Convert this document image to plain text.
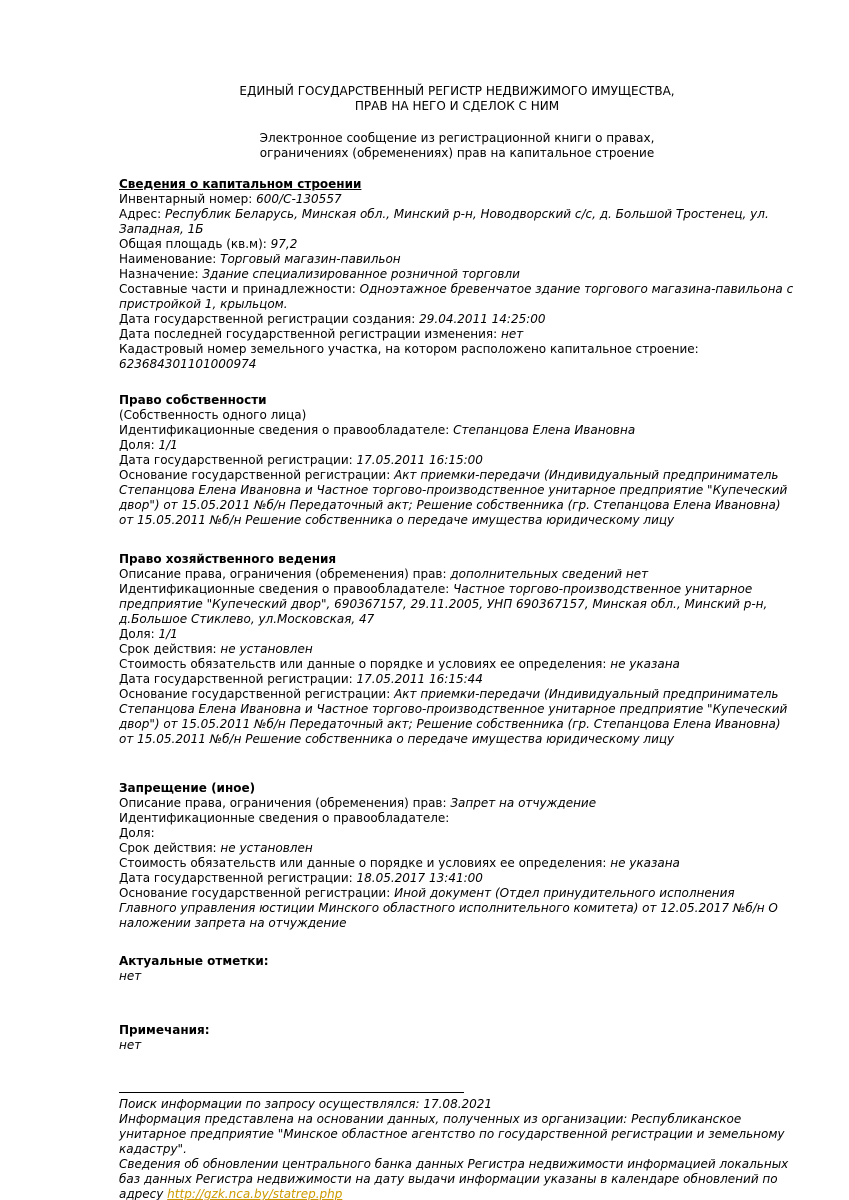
ЕДИНЫЙ ГОСУДАРСТВЕННЫЙ РЕГИСТР НЕДВИЖИМОГО ИМУЩЕСТВА,
ПРАВ НА НЕГО И СДЕЛОК С НИМ
Электронное сообщение из регистрационной книги о правах,
ограничениях (обременениях) прав на капитальное строение
Сведения о капитальном строении
Инвентарный номер: 600/С-130557
Адрес: Республик Беларусь, Минская обл., Минский р-н, Новодворский с/с, д. Большой Тростенец, ул. Западная, 1Б
Общая площадь (кв.м): 97,2
Наименование: Торговый магазин-павильон
Назначение: Здание специализированное розничной торговли
Составные части и принадлежности: Одноэтажное бревенчатое здание торгового магазина-павильона с пристройкой 1, крыльцом.
Дата государственной регистрации создания: 29.04.2011 14:25:00
Дата последней государственной регистрации изменения: нет
Кадастровый номер земельного участка, на котором расположено капитальное строение: 623684301101000974
Право собственности
(Собственность одного лица)
Идентификационные сведения о правообладателе: Степанцова Елена Ивановна
Доля: 1/1
Дата государственной регистрации: 17.05.2011 16:15:00
Основание государственной регистрации: Акт приемки-передачи (Индивидуальный предприниматель Степанцова Елена Ивановна и Частное торгово-производственное унитарное предприятие "Купеческий двор") от 15.05.2011 №б/н Передаточный акт; Решение собственника (гр. Степанцова Елена Ивановна) от 15.05.2011 №б/н Решение собственника о передаче имущества юридическому лицу
Право хозяйственного ведения
Описание права, ограничения (обременения) прав: дополнительных сведений нет
Идентификационные сведения о правообладателе: Частное торгово-производственное унитарное предприятие "Купеческий двор", 690367157, 29.11.2005, УНП 690367157, Минская обл., Минский р-н, д.Большое Стиклево, ул.Московская, 47
Доля: 1/1
Срок действия: не установлен
Стоимость обязательств или данные о порядке и условиях ее определения: не указана
Дата государственной регистрации: 17.05.2011 16:15:44
Основание государственной регистрации: Акт приемки-передачи (Индивидуальный предприниматель Степанцова Елена Ивановна и Частное торгово-производственное унитарное предприятие "Купеческий двор") от 15.05.2011 №б/н Передаточный акт; Решение собственника (гр. Степанцова Елена Ивановна) от 15.05.2011 №б/н Решение собственника о передаче имущества юридическому лицу
Запрещение (иное)
Описание права, ограничения (обременения) прав: Запрет на отчуждение
Идентификационные сведения о правообладателе:
Доля:
Срок действия: не установлен
Стоимость обязательств или данные о порядке и условиях ее определения: не указана
Дата государственной регистрации: 18.05.2017 13:41:00
Основание государственной регистрации: Иной документ (Отдел принудительного исполнения Главного управления юстиции Минского областного исполнительного комитета) от 12.05.2017 №б/н О наложении запрета на отчуждение
Актуальные отметки:
нет
Примечания:
нет
Поиск информации по запросу осуществлялся: 17.08.2021
Информация представлена на основании данных, полученных из организации: Республиканское унитарное предприятие "Минское областное агентство по государственной регистрации и земельному кадастру".
Сведения об обновлении центрального банка данных Регистра недвижимости информацией локальных баз данных Регистра недвижимости на дату выдачи информации указаны в календаре обновлений по адресу http://gzk.nca.by/statrep.php
